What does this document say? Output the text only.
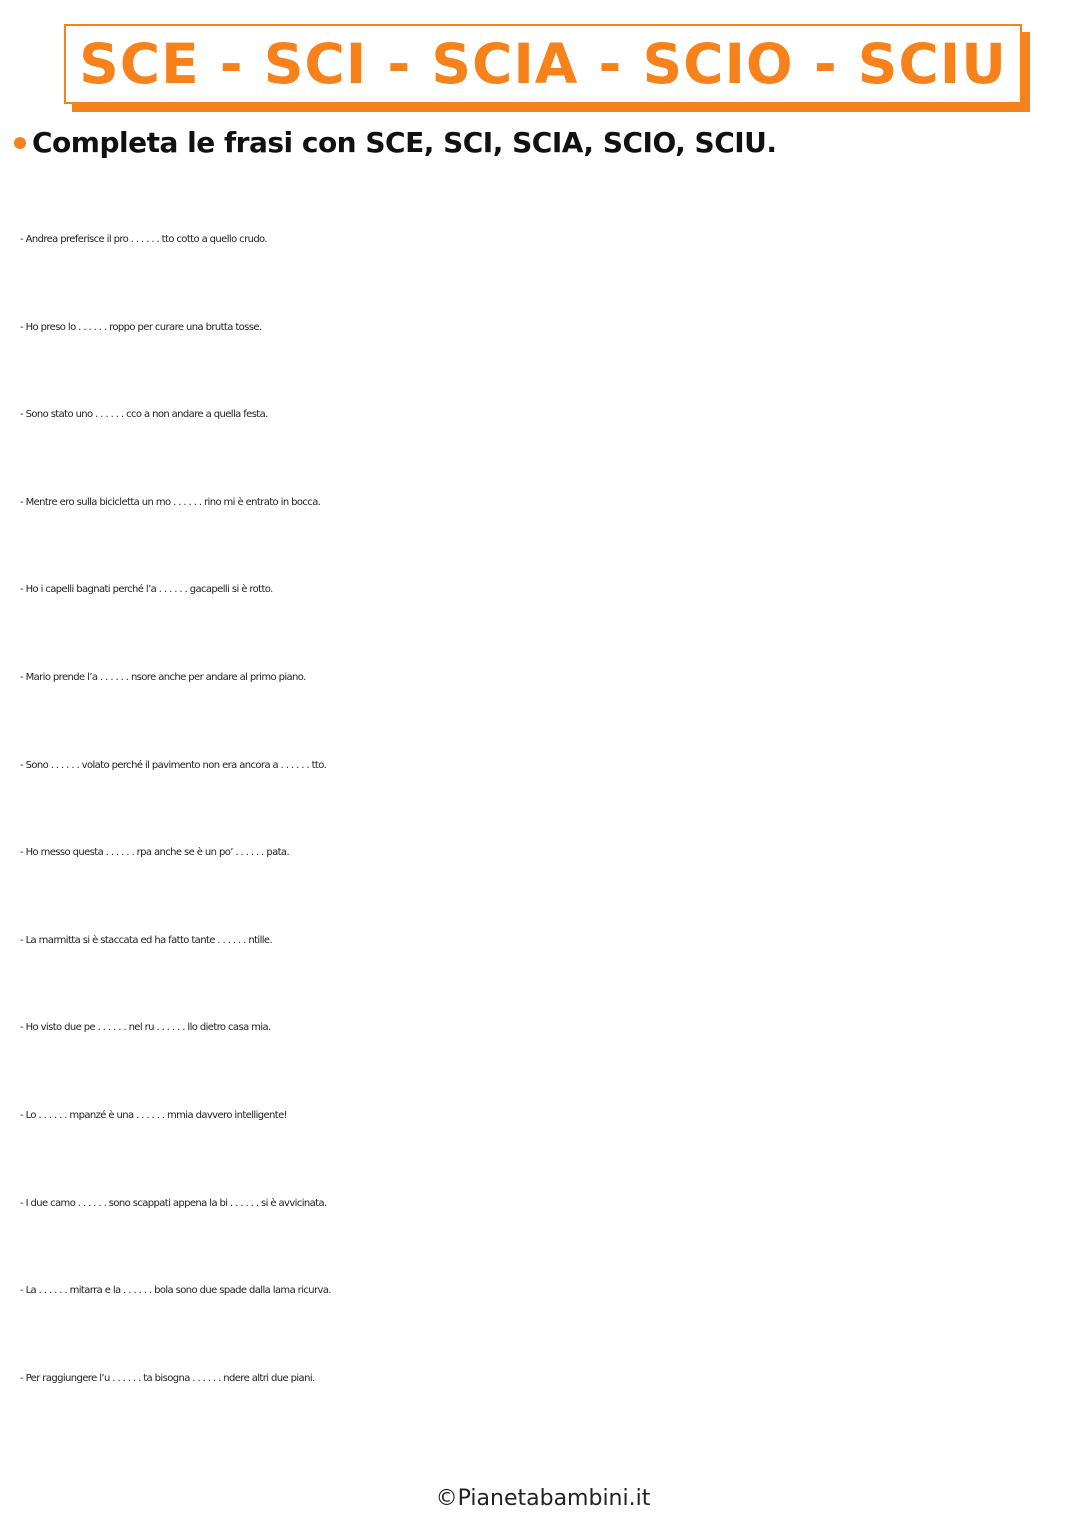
SCE - SCI - SCIA - SCIO - SCIU
Completa le frasi con SCE, SCI, SCIA, SCIO, SCIU.
- Andrea preferisce il pro . . . . . . tto cotto a quello crudo.
- Ho preso lo . . . . . . roppo per curare una brutta tosse.
- Sono stato uno . . . . . . cco a non andare a quella festa.
- Mentre ero sulla bicicletta un mo . . . . . . rino mi è entrato in bocca.
- Ho i capelli bagnati perché l’a . . . . . . gacapelli si è rotto.
- Mario prende l’a . . . . . . nsore anche per andare al primo piano.
- Sono . . . . . . volato perché il pavimento non era ancora a . . . . . . tto.
- Ho messo questa . . . . . . rpa anche se è un po’ . . . . . . pata.
- La marmitta si è staccata ed ha fatto tante . . . . . . ntille.
- Ho visto due pe . . . . . . nel ru . . . . . . llo dietro casa mia.
- Lo . . . . . . mpanzé è una . . . . . . mmia davvero intelligente!
- I due camo . . . . . . sono scappati appena la bi . . . . . . si è avvicinata.
- La . . . . . . mitarra e la . . . . . . bola sono due spade dalla lama ricurva.
- Per raggiungere l’u . . . . . . ta bisogna . . . . . . ndere altri due piani.
©Pianetabambini.it
